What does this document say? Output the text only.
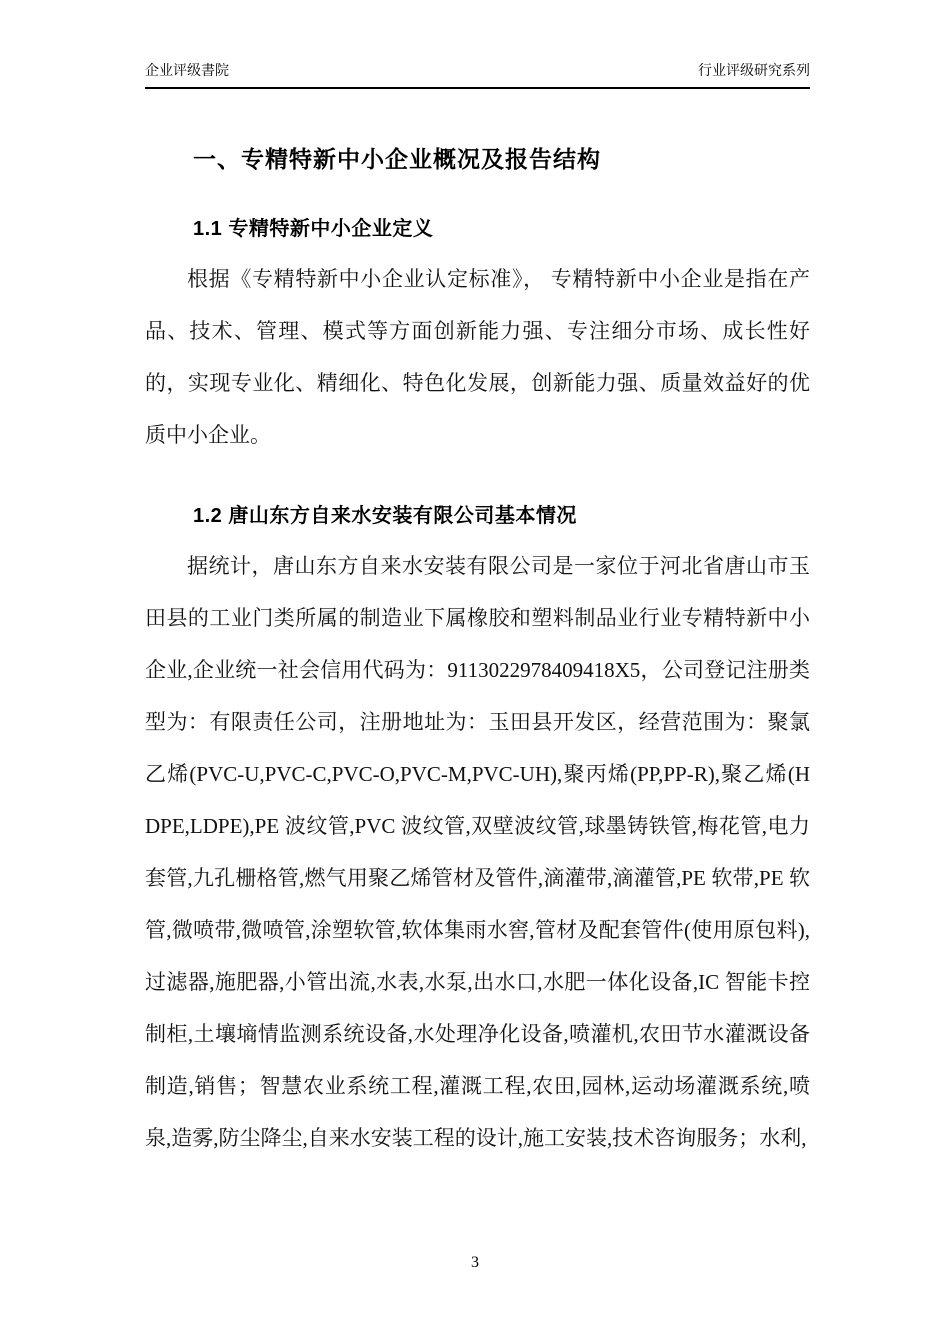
企业评级書院	行业评级研究系列
一、专精特新中小企业概况及报告结构
1.1 专精特新中小企业定义
根据《专精特新中小企业认定标准》， 专精特新中小企业是指在产品、技术、管理、模式等方面创新能力强、专注细分市场、成长性好的，实现专业化、精细化、特色化发展，创新能力强、质量效益好的优质中小企业。
1.2 唐山东方自来水安装有限公司基本情况
据统计，唐山东方自来水安装有限公司是一家位于河北省唐山市玉田县的工业门类所属的制造业下属橡胶和塑料制品业行业专精特新中小企业,企业统一社会信用代码为：9113022978409418X5，公司登记注册类型为：有限责任公司，注册地址为：玉田县开发区，经营范围为：聚氯乙烯(PVC-U,PVC-C,PVC-O,PVC-M,PVC-UH),聚丙烯(PP,PP-R),聚乙烯(HDPE,LDPE),PE 波纹管,PVC 波纹管,双壁波纹管,球墨铸铁管,梅花管,电力套管,九孔栅格管,燃气用聚乙烯管材及管件,滴灌带,滴灌管,PE 软带,PE 软管,微喷带,微喷管,涂塑软管,软体集雨水窖,管材及配套管件(使用原包料),过滤器,施肥器,小管出流,水表,水泵,出水口,水肥一体化设备,IC 智能卡控制柜,土壤墒情监测系统设备,水处理净化设备,喷灌机,农田节水灌溉设备制造,销售；智慧农业系统工程,灌溉工程,农田,园林,运动场灌溉系统,喷泉,造雾,防尘降尘,自来水安装工程的设计,施工安装,技术咨询服务；水利,
3
